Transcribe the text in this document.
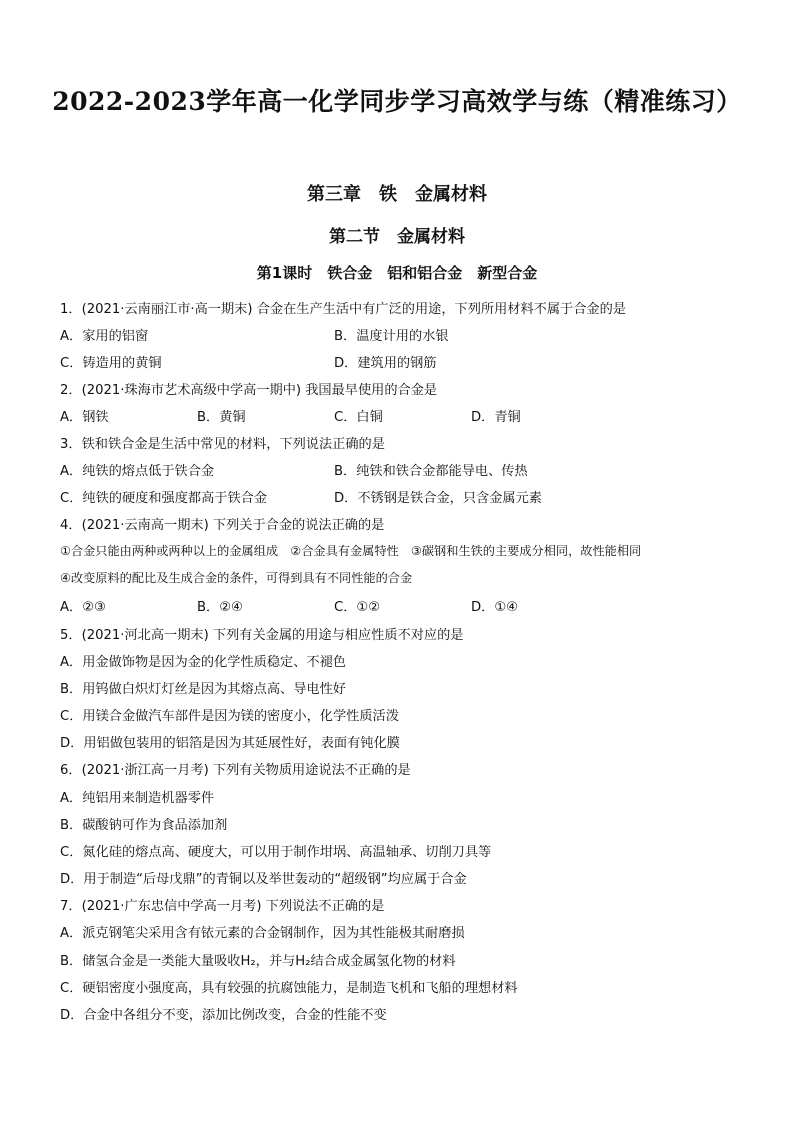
2022-2023学年高一化学同步学习高效学与练（精准练习）
第三章　铁　金属材料
第二节　金属材料
第1课时　铁合金　铝和铝合金　新型合金
1．(2021·云南丽江市·高一期末) 合金在生产生活中有广泛的用途，下列所用材料不属于合金的是
A．家用的铝窗	B．温度计用的水银
C．铸造用的黄铜	D．建筑用的钢筋
2．(2021·珠海市艺术高级中学高一期中) 我国最早使用的合金是
A．钢铁	B．黄铜	C．白铜	D．青铜
3．铁和铁合金是生活中常见的材料，下列说法正确的是
A．纯铁的熔点低于铁合金	B．纯铁和铁合金都能导电、传热
C．纯铁的硬度和强度都高于铁合金	D．不锈钢是铁合金，只含金属元素
4．(2021·云南高一期末) 下列关于合金的说法正确的是
①合金只能由两种或两种以上的金属组成　②合金具有金属特性　③碳钢和生铁的主要成分相同，故性能相同
④改变原料的配比及生成合金的条件，可得到具有不同性能的合金
A．②③	B．②④	C．①②	D．①④
5．(2021·河北高一期末) 下列有关金属的用途与相应性质不对应的是
A．用金做饰物是因为金的化学性质稳定、不褪色
B．用钨做白炽灯灯丝是因为其熔点高、导电性好
C．用镁合金做汽车部件是因为镁的密度小，化学性质活泼
D．用铝做包装用的铝箔是因为其延展性好，表面有钝化膜
6．(2021·浙江高一月考) 下列有关物质用途说法不正确的是
A．纯铝用来制造机器零件
B．碳酸钠可作为食品添加剂
C．氮化硅的熔点高、硬度大，可以用于制作坩埚、高温轴承、切削刀具等
D．用于制造“后母戊鼎”的青铜以及举世轰动的“超级钢”均应属于合金
7．(2021·广东忠信中学高一月考) 下列说法不正确的是
A．派克钢笔尖采用含有铱元素的合金钢制作，因为其性能极其耐磨损
B．储氢合金是一类能大量吸收H₂，并与H₂结合成金属氢化物的材料
C．硬铝密度小强度高，具有较强的抗腐蚀能力，是制造飞机和飞船的理想材料
D．合金中各组分不变，添加比例改变，合金的性能不变
